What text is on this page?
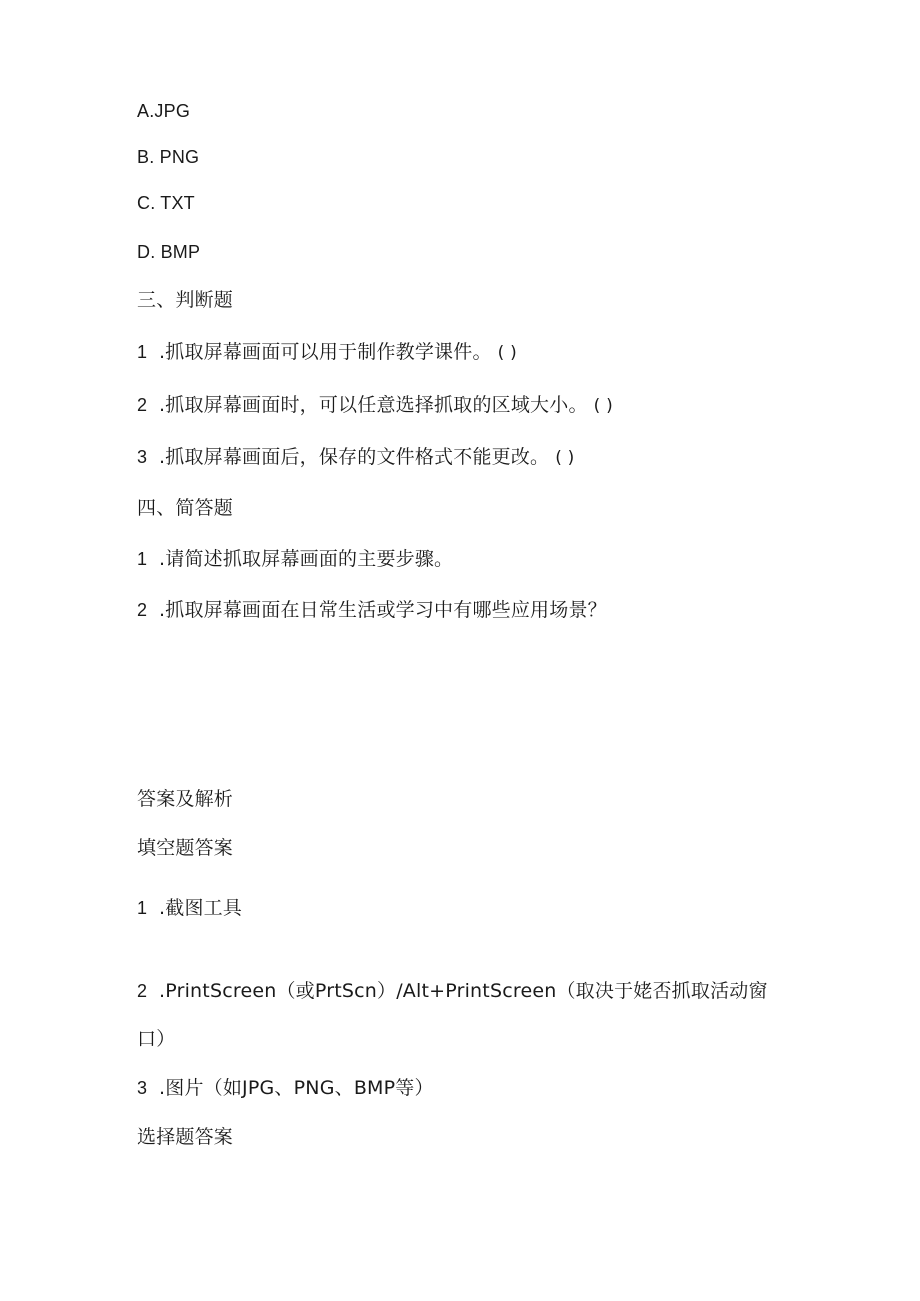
A.JPG
B. PNG
C. TXT
D. BMP
三、判断题
1 .抓取屏幕画面可以用于制作教学课件。 ( )
2 .抓取屏幕画面时，可以任意选择抓取的区域大小。 ( )
3 .抓取屏幕画面后，保存的文件格式不能更改。 ( )
四、简答题
1 .请简述抓取屏幕画面的主要步骤。
2 .抓取屏幕画面在日常生活或学习中有哪些应用场景？
答案及解析
填空题答案
1 .截图工具
2 .PrintScreen（或PrtScn）/Alt+PrintScreen（取决于姥否抓取活动窗
口）
3 .图片（如JPG、PNG、BMP等）
选择题答案
